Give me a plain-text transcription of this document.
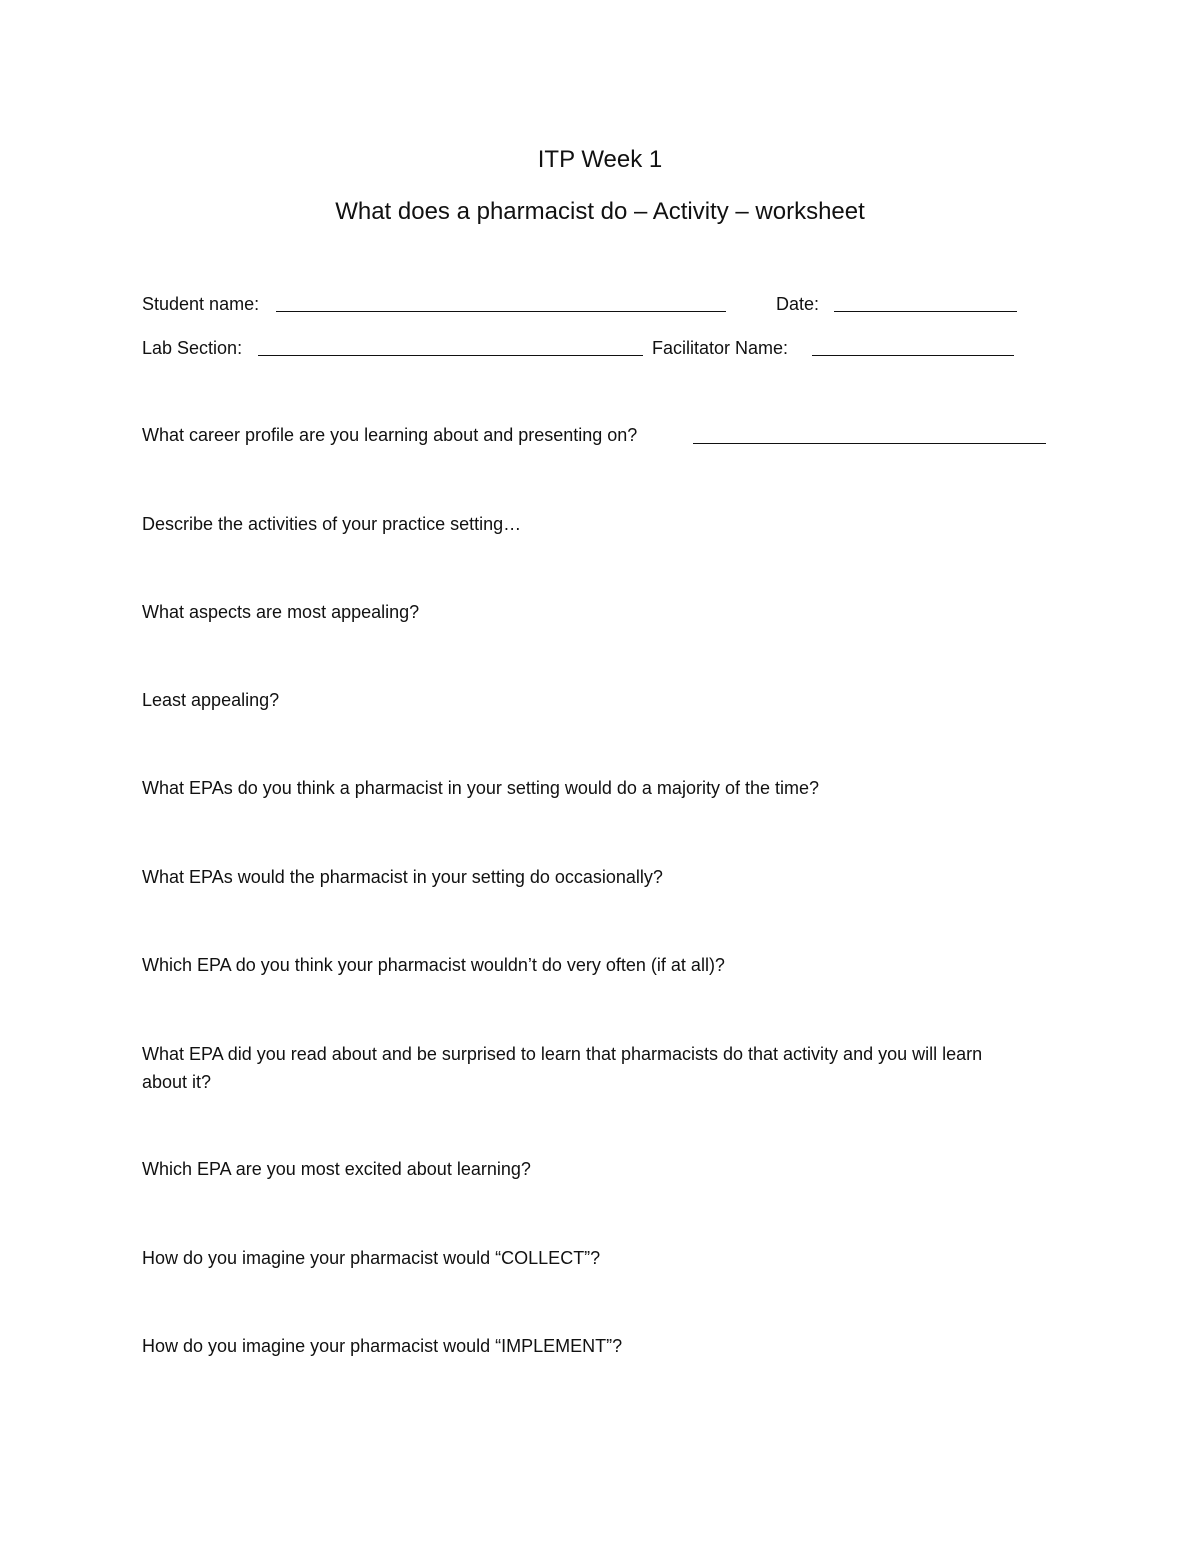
ITP Week 1
What does a pharmacist do – Activity – worksheet
Student name:	Date:
Lab Section:	Facilitator Name:
What career profile are you learning about and presenting on?
Describe the activities of your practice setting…
What aspects are most appealing?
Least appealing?
What EPAs do you think a pharmacist in your setting would do a majority of the time?
What EPAs would the pharmacist in your setting do occasionally?
Which EPA do you think your pharmacist wouldn’t do very often (if at all)?
What EPA did you read about and be surprised to learn that pharmacists do that activity and you will learn about it?
Which EPA are you most excited about learning?
How do you imagine your pharmacist would “COLLECT”?
How do you imagine your pharmacist would “IMPLEMENT”?
